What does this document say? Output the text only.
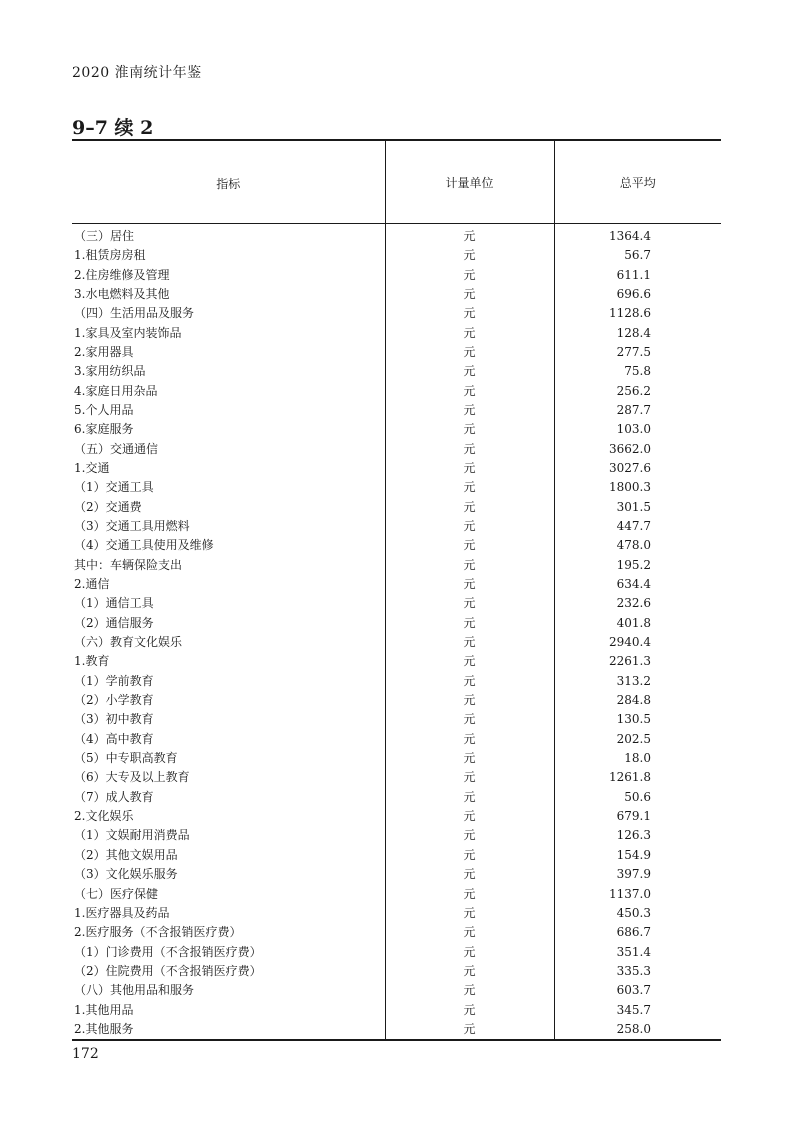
2020 淮南统计年鉴
9–7 续 2
指标	计量单位	总平均
（三）居住	元	1364.4
1.租赁房房租	元	56.7
2.住房维修及管理	元	611.1
3.水电燃料及其他	元	696.6
（四）生活用品及服务	元	1128.6
1.家具及室内装饰品	元	128.4
2.家用器具	元	277.5
3.家用纺织品	元	75.8
4.家庭日用杂品	元	256.2
5.个人用品	元	287.7
6.家庭服务	元	103.0
（五）交通通信	元	3662.0
1.交通	元	3027.6
（1）交通工具	元	1800.3
（2）交通费	元	301.5
（3）交通工具用燃料	元	447.7
（4）交通工具使用及维修	元	478.0
其中：车辆保险支出	元	195.2
2.通信	元	634.4
（1）通信工具	元	232.6
（2）通信服务	元	401.8
（六）教育文化娱乐	元	2940.4
1.教育	元	2261.3
（1）学前教育	元	313.2
（2）小学教育	元	284.8
（3）初中教育	元	130.5
（4）高中教育	元	202.5
（5）中专职高教育	元	18.0
（6）大专及以上教育	元	1261.8
（7）成人教育	元	50.6
2.文化娱乐	元	679.1
（1）文娱耐用消费品	元	126.3
（2）其他文娱用品	元	154.9
（3）文化娱乐服务	元	397.9
（七）医疗保健	元	1137.0
1.医疗器具及药品	元	450.3
2.医疗服务（不含报销医疗费）	元	686.7
（1）门诊费用（不含报销医疗费）	元	351.4
（2）住院费用（不含报销医疗费）	元	335.3
（八）其他用品和服务	元	603.7
1.其他用品	元	345.7
2.其他服务	元	258.0
172
